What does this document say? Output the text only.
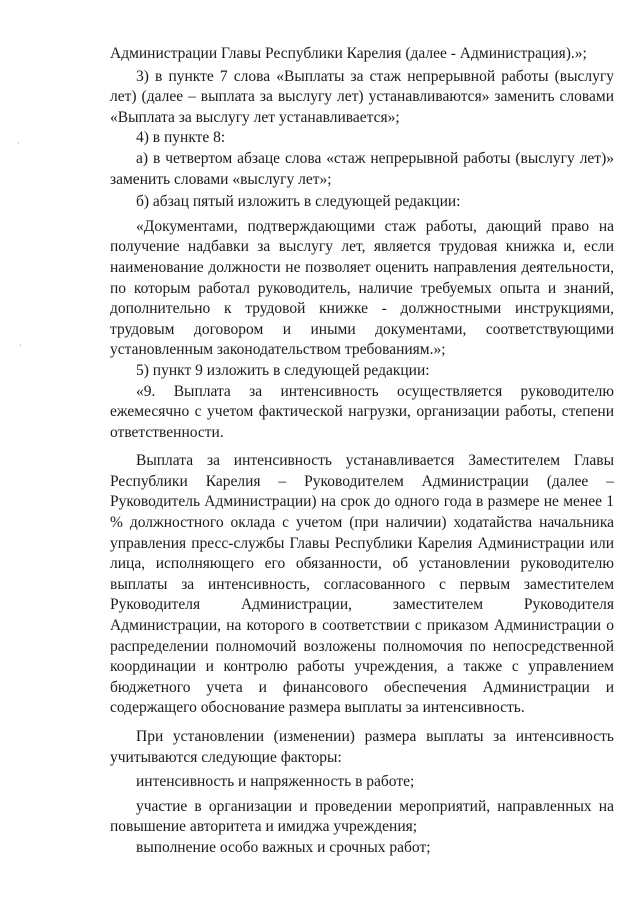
Администрации Главы Республики Карелия (далее - Администрация).»;

3) в пункте 7 слова «Выплаты за стаж непрерывной работы (выслугу лет) (далее – выплата за выслугу лет) устанавливаются» заменить словами «Выплата за выслугу лет устанавливается»;

4) в пункте 8:

а) в четвертом абзаце слова «стаж непрерывной работы (выслугу лет)» заменить словами «выслугу лет»;

б) абзац пятый изложить в следующей редакции:

«Документами, подтверждающими стаж работы, дающий право на получение надбавки за выслугу лет, является трудовая книжка и, если наименование должности не позволяет оценить направления деятельности, по которым работал руководитель, наличие требуемых опыта и знаний, дополнительно к трудовой книжке - должностными инструкциями, трудовым договором и иными документами, соответствующими установленным законодательством требованиям.»;

5) пункт 9 изложить в следующей редакции:

«9. Выплата за интенсивность осуществляется руководителю ежемесячно с учетом фактической нагрузки, организации работы, степени ответственности.

Выплата за интенсивность устанавливается Заместителем Главы Республики Карелия – Руководителем Администрации (далее – Руководитель Администрации) на срок до одного года в размере не менее 1 % должностного оклада с учетом (при наличии) ходатайства начальника управления пресс-службы Главы Республики Карелия Администрации или лица, исполняющего его обязанности, об установлении руководителю выплаты за интенсивность, согласованного с первым заместителем Руководителя Администрации, заместителем Руководителя Администрации, на которого в соответствии с приказом Администрации о распределении полномочий возложены полномочия по непосредственной координации и контролю работы учреждения, а также с управлением бюджетного учета и финансового обеспечения Администрации и содержащего обоснование размера выплаты за интенсивность.

При установлении (изменении) размера выплаты за интенсивность учитываются следующие факторы:

интенсивность и напряженность в работе;

участие в организации и проведении мероприятий, направленных на повышение авторитета и имиджа учреждения;

выполнение особо важных и срочных работ;
